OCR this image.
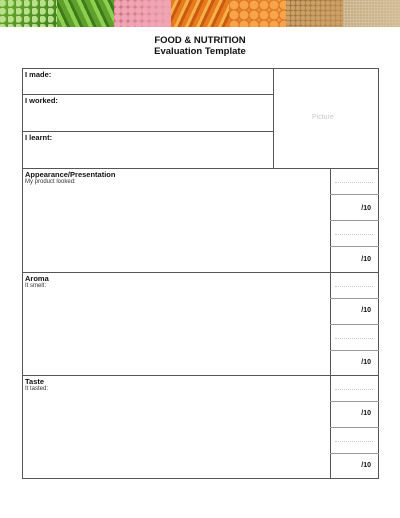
FOOD & NUTRITION
Evaluation Template
I made:
I worked:
I learnt:
Picture
Appearance/Presentation
My product looked:
/10
/10
Aroma
It smelt:
/10
/10
Taste
It tasted:
/10
/10
